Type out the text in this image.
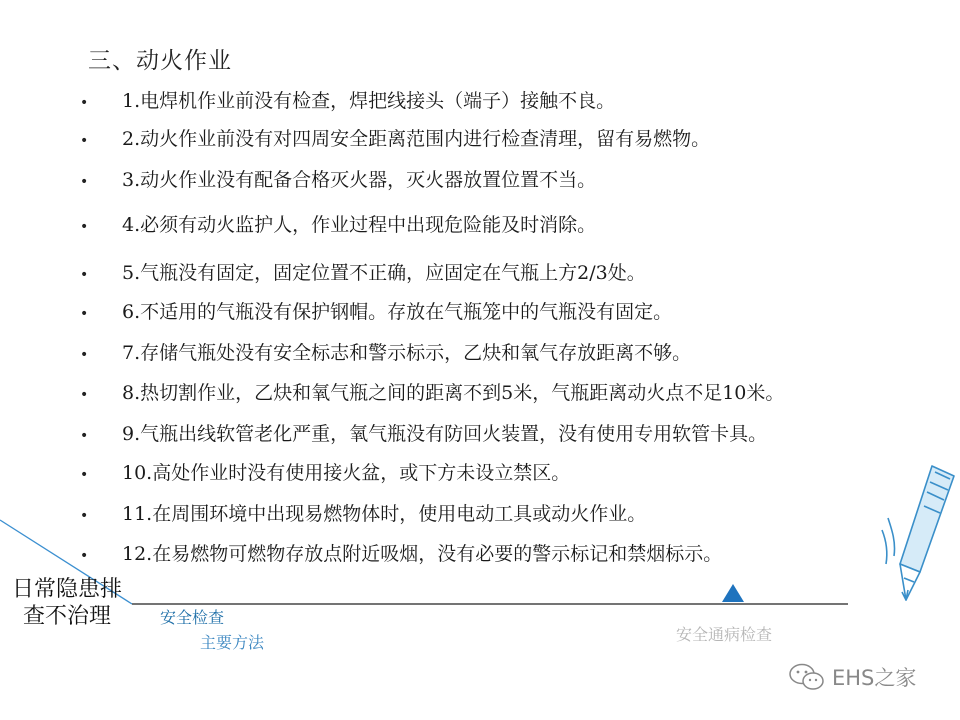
三、动火作业
• 1.电焊机作业前没有检查，焊把线接头（端子）接触不良。
• 2.动火作业前没有对四周安全距离范围内进行检查清理，留有易燃物。
• 3.动火作业没有配备合格灭火器，灭火器放置位置不当。
• 4.必须有动火监护人，作业过程中出现危险能及时消除。
• 5.气瓶没有固定，固定位置不正确，应固定在气瓶上方2/3处。
• 6.不适用的气瓶没有保护钢帽。存放在气瓶笼中的气瓶没有固定。
• 7.存储气瓶处没有安全标志和警示标示，乙炔和氧气存放距离不够。
• 8.热切割作业，乙炔和氧气瓶之间的距离不到5米，气瓶距离动火点不足10米。
• 9.气瓶出线软管老化严重，氧气瓶没有防回火装置，没有使用专用软管卡具。
• 10.高处作业时没有使用接火盆，或下方未设立禁区。
• 11.在周围环境中出现易燃物体时，使用电动工具或动火作业。
• 12.在易燃物可燃物存放点附近吸烟，没有必要的警示标记和禁烟标示。
日常隐患排
查不治理	安全检查
主要方法	安全通病检查
EHS之家
